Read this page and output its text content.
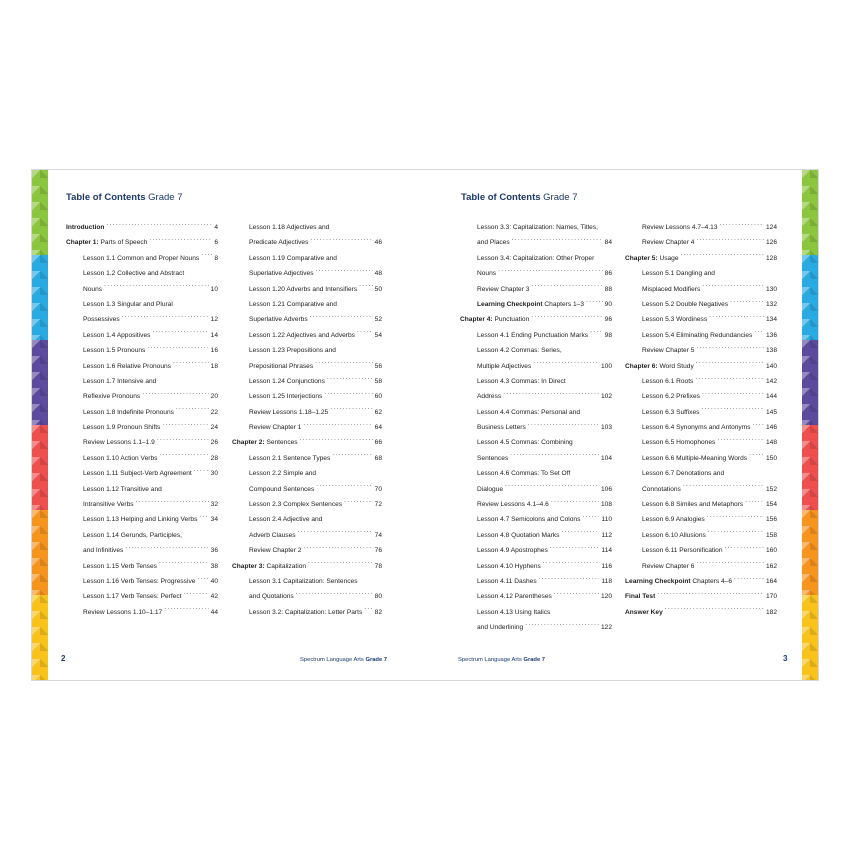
Table of Contents Grade 7
Introduction .....	4
Chapter 1: Parts of Speech .....	6
Lesson 1.1 Common and Proper Nouns ..... 8
Lesson 1.2 Collective and Abstract
Nouns .....	10
Lesson 1.3 Singular and Plural
Possessives .....	12
Lesson 1.4 Appositives .....	14
Lesson 1.5 Pronouns .....	16
Lesson 1.6 Relative Pronouns .....	18
Lesson 1.7 Intensive and
Reflexive Pronouns .....	20
Lesson 1.8 Indefinite Pronouns .....	22
Lesson 1.9 Pronoun Shifts .....	24
Review Lessons 1.1–1.9 .....	26
Lesson 1.10 Action Verbs .....	28
Lesson 1.11 Subject-Verb Agreement .....	30
Lesson 1.12 Transitive and
Intransitive Verbs .....	32
Lesson 1.13 Helping and Linking Verbs ..... 34
Lesson 1.14 Gerunds, Participles,
and Infinitives .....	36
Lesson 1.15 Verb Tenses .....	38
Lesson 1.16 Verb Tenses: Progressive ..... 40
Lesson 1.17 Verb Tenses: Perfect .....	42
Review Lessons 1.10–1.17 .....	44
Lesson 1.18 Adjectives and
Predicate Adjectives .....	46
Lesson 1.19 Comparative and
Superlative Adjectives .....	48
Lesson 1.20 Adverbs and Intensifiers .....	50
Lesson 1.21 Comparative and
Superlative Adverbs .....	52
Lesson 1.22 Adjectives and Adverbs .....	54
Lesson 1.23 Prepositions and
Prepositional Phrases .....	56
Lesson 1.24 Conjunctions .....	58
Lesson 1.25 Interjections .....	60
Review Lessons 1.18–1.25 .....	62
Review Chapter 1 .....	64
Chapter 2: Sentences .....	66
Lesson 2.1 Sentence Types .....	68
Lesson 2.2 Simple and
Compound Sentences .....	70
Lesson 2.3 Complex Sentences .....	72
Lesson 2.4 Adjective and
Adverb Clauses .....	74
Review Chapter 2 .....	76
Chapter 3: Capitalization .....	78
Lesson 3.1 Capitalization: Sentences
and Quotations .....	80
Lesson 3.2: Capitalization: Letter Parts ..... 82
2	Spectrum Language Arts Grade 7
Table of Contents Grade 7
Lesson 3.3: Capitalization: Names, Titles,
and Places .....	84
Lesson 3.4: Capitalization: Other Proper
Nouns .....	86
Review Chapter 3 .....	88
Learning Checkpoint Chapters 1–3 .....	90
Chapter 4: Punctuation .....	96
Lesson 4.1 Ending Punctuation Marks .....	98
Lesson 4.2 Commas: Series,
Multiple Adjectives .....	100
Lesson 4.3 Commas: In Direct
Address .....	102
Lesson 4.4 Commas: Personal and
Business Letters .....	103
Lesson 4.5 Commas: Combining
Sentences .....	104
Lesson 4.6 Commas: To Set Off
Dialogue .....	106
Review Lessons 4.1–4.6 .....	108
Lesson 4.7 Semicolons and Colons .....	110
Lesson 4.8 Quotation Marks .....	112
Lesson 4.9 Apostrophes .....	114
Lesson 4.10 Hyphens .....	116
Lesson 4.11 Dashes .....	118
Lesson 4.12 Parentheses .....	120
Lesson 4.13 Using Italics
and Underlining .....	122
Review Lessons 4.7–4.13 .....	124
Review Chapter 4 .....	126
Chapter 5: Usage .....	128
Lesson 5.1 Dangling and
Misplaced Modifiers .....	130
Lesson 5.2 Double Negatives .....	132
Lesson 5.3 Wordiness .....	134
Lesson 5.4 Eliminating Redundancies ..... 136
Review Chapter 5 .....	138
Chapter 6: Word Study .....	140
Lesson 6.1 Roots .....	142
Lesson 6.2 Prefixes .....	144
Lesson 6.3 Suffixes .....	145
Lesson 6.4 Synonyms and Antonyms ..... 146
Lesson 6.5 Homophones .....	148
Lesson 6.6 Multiple-Meaning Words .....	150
Lesson 6.7 Denotations and
Connotations .....	152
Lesson 6.8 Similes and Metaphors .....	154
Lesson 6.9 Analogies .....	156
Lesson 6.10 Allusions .....	158
Lesson 6.11 Personification .....	160
Review Chapter 6 .....	162
Learning Checkpoint Chapters 4–6 .....	164
Final Test .....	170
Answer Key .....	182
3
Spectrum Language Arts Grade 7
